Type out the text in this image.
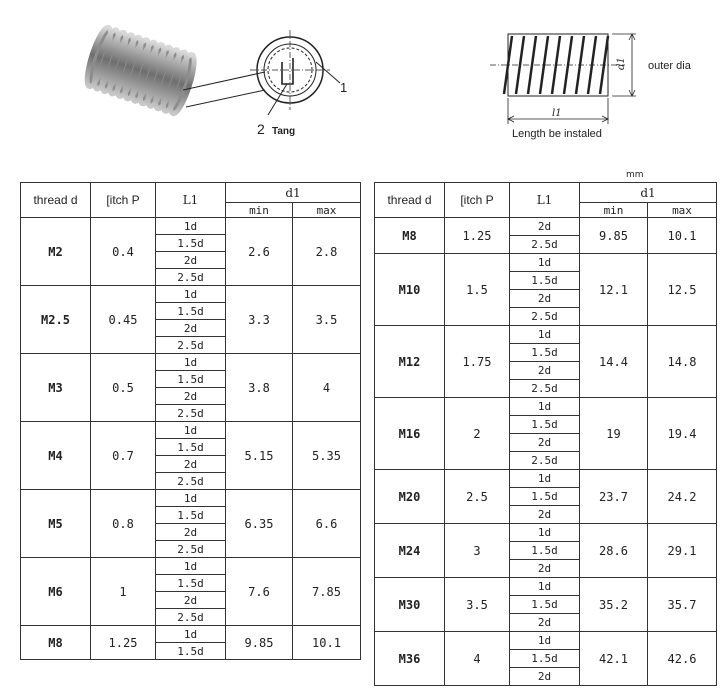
1
2 Tang
d1
l1
outer dia
Length be instaled
mm
thread d	[itch P	L1	d1	
			min	max
M2	0.4	1d	2.6	2.8
		1.5d		
		2d		
		2.5d		
M2.5	0.45	1d	3.3	3.5
		1.5d		
		2d		
		2.5d		
M3	0.5	1d	3.8	4
		1.5d		
		2d		
		2.5d		
M4	0.7	1d	5.15	5.35
		1.5d		
		2d		
		2.5d		
M5	0.8	1d	6.35	6.6
		1.5d		
		2d		
		2.5d		
M6	1	1d	7.6	7.85
		1.5d		
		2d		
		2.5d		
M8	1.25	1d	9.85	10.1
		1.5d		
thread d	[itch P	L1	d1	
			min	max
M8	1.25	2d	9.85	10.1
		2.5d		
M10	1.5	1d	12.1	12.5
		1.5d		
		2d		
		2.5d		
M12	1.75	1d	14.4	14.8
		1.5d		
		2d		
		2.5d		
M16	2	1d	19	19.4
		1.5d		
		2d		
		2.5d		
M20	2.5	1d	23.7	24.2
		1.5d		
		2d		
M24	3	1d	28.6	29.1
		1.5d		
		2d		
M30	3.5	1d	35.2	35.7
		1.5d		
		2d		
M36	4	1d	42.1	42.6
		1.5d		
		2d		
